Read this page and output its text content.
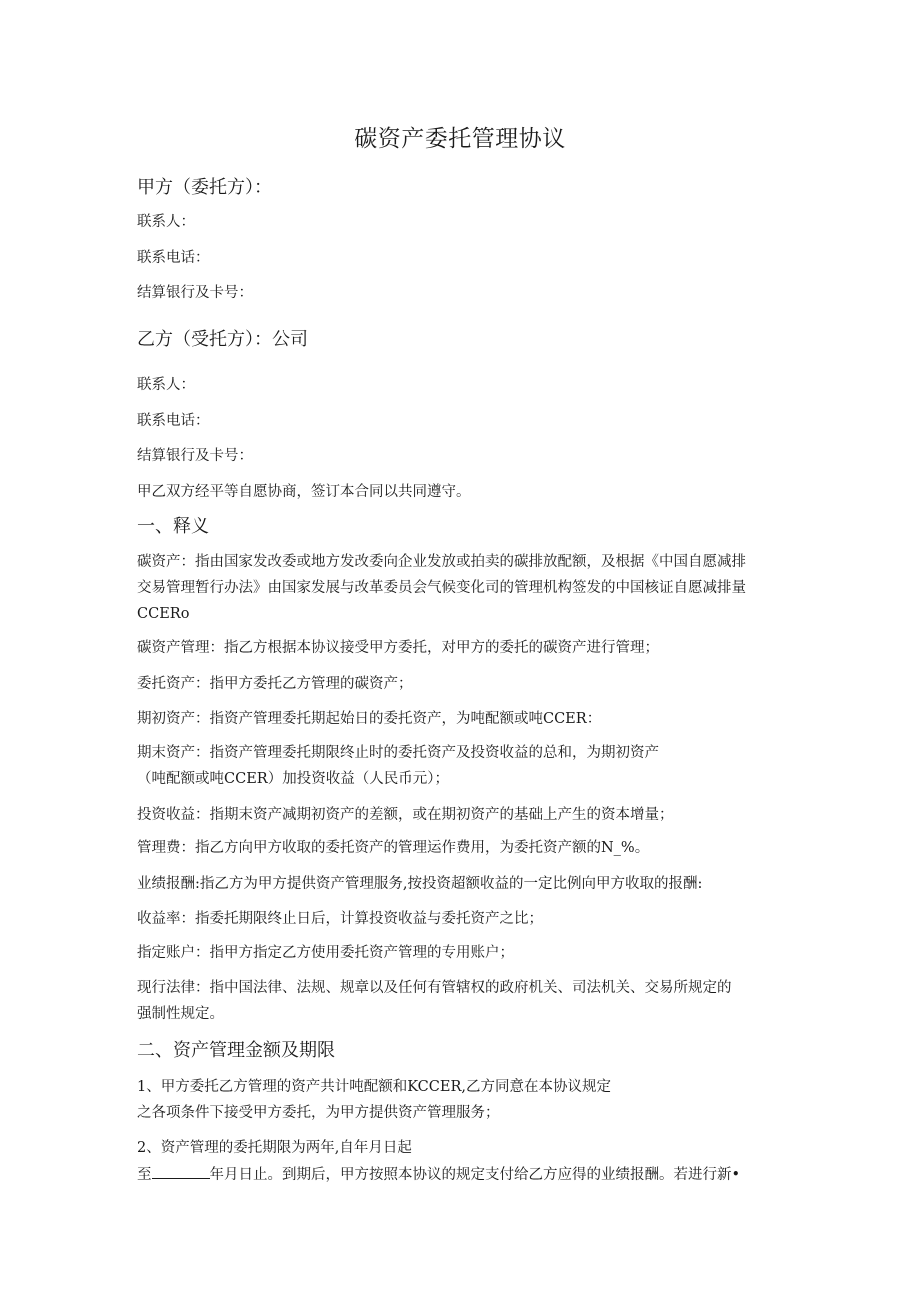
碳资产委托管理协议
甲方（委托方）：
联系人：
联系电话：
结算银行及卡号：
乙方（受托方）：公司
联系人：
联系电话：
结算银行及卡号：
甲乙双方经平等自愿协商，签订本合同以共同遵守。
一、释义
碳资产：指由国家发改委或地方发改委向企业发放或拍卖的碳排放配额，及根据《中国自愿减排
交易管理暂行办法》由国家发展与改革委员会气候变化司的管理机构签发的中国核证自愿减排量
CCERo
碳资产管理：指乙方根据本协议接受甲方委托，对甲方的委托的碳资产进行管理；
委托资产：指甲方委托乙方管理的碳资产；
期初资产：指资产管理委托期起始日的委托资产，为吨配额或吨CCER：
期末资产：指资产管理委托期限终止时的委托资产及投资收益的总和，为期初资产
（吨配额或吨CCER）加投资收益（人民币元）；
投资收益：指期末资产减期初资产的差额，或在期初资产的基础上产生的资本增量；
管理费：指乙方向甲方收取的委托资产的管理运作费用，为委托资产额的N_%。
业绩报酬:指乙方为甲方提供资产管理服务,按投资超额收益的一定比例向甲方收取的报酬:
收益率：指委托期限终止日后，计算投资收益与委托资产之比；
指定账户：指甲方指定乙方使用委托资产管理的专用账户；
现行法律：指中国法律、法规、规章以及任何有管辖权的政府机关、司法机关、交易所规定的
强制性规定。
二、资产管理金额及期限
1、甲方委托乙方管理的资产共计吨配额和KCCER,乙方同意在本协议规定
之各项条件下接受甲方委托，为甲方提供资产管理服务；
2、资产管理的委托期限为两年,自年月日起
至	年月日止。到期后，甲方按照本协议的规定支付给乙方应得的业绩报酬。若进行新•
